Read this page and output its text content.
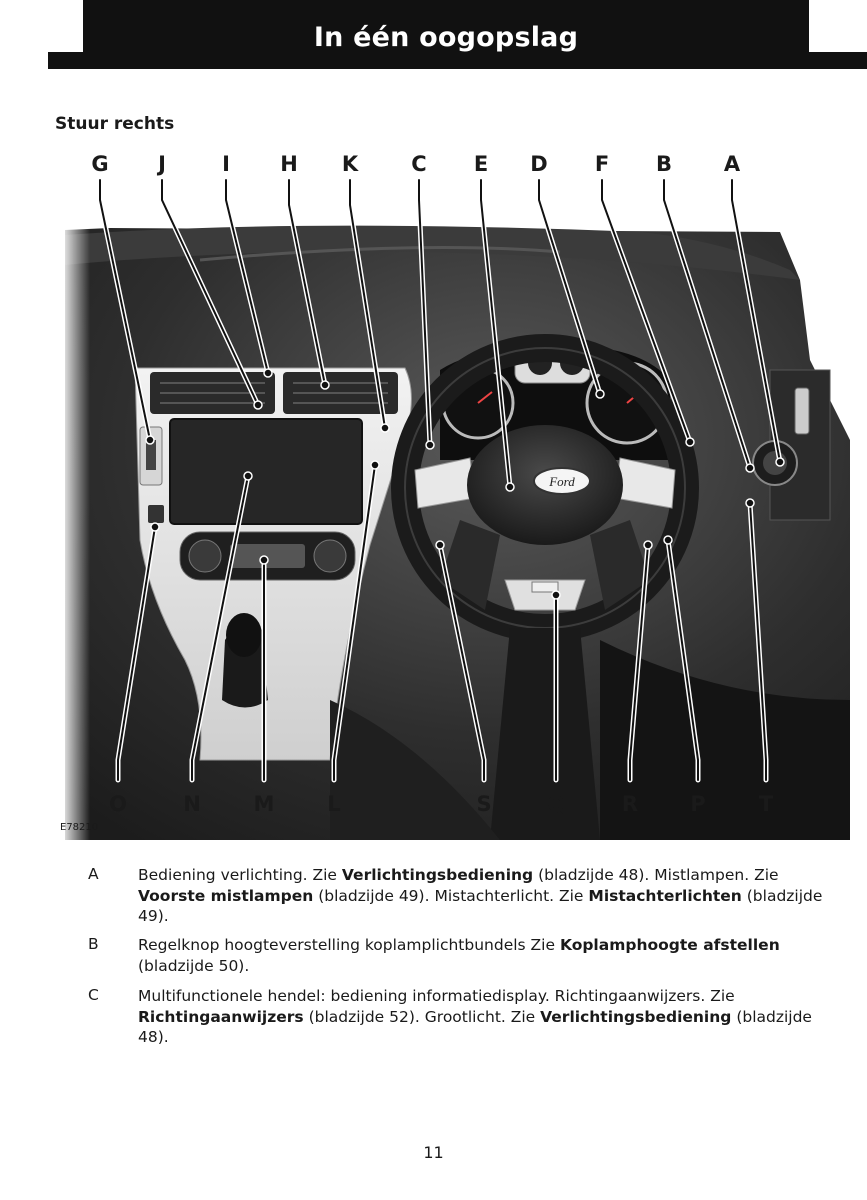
In één oogopslag
Stuur rechts
Ford
G J	I H K	C E D F B A
O	N	M	L	S	Q	R P	T
E78210
A	Bediening verlichting. Zie Verlichtingsbediening (bladzijde 48). Mistlampen. Zie Voorste mistlampen (bladzijde 49). Mistachterlicht. Zie Mistachterlichten (bladzijde 49).
B	Regelknop hoogteverstelling koplamplichtbundels Zie Koplamphoogte afstellen (bladzijde 50).
C	Multifunctionele hendel: bediening informatiedisplay. Richtingaanwijzers. Zie Richtingaanwijzers (bladzijde 52). Grootlicht. Zie Verlichtingsbediening (bladzijde 48).
11
